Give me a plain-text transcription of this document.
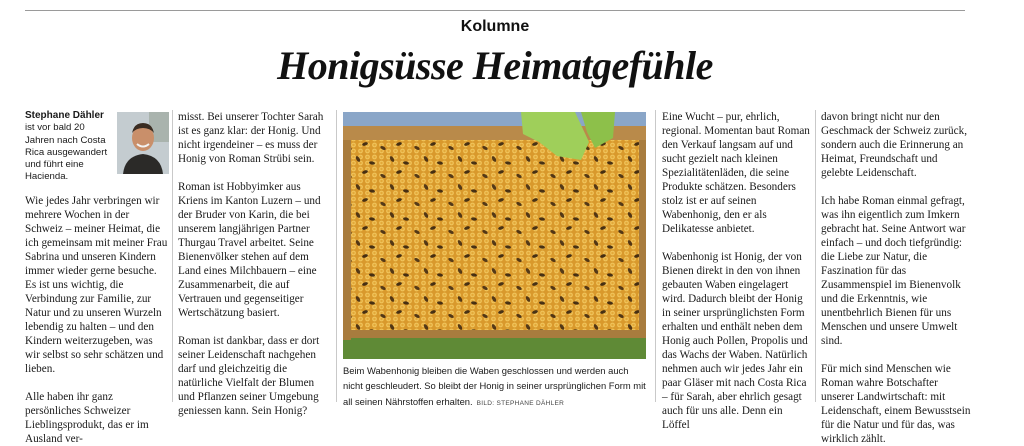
Kolumne
Honigsüsse Heimatgefühle
Stephane Dähler
ist vor bald 20 Jahren nach Costa Rica ausgewandert und führt eine Hacienda.

Wie jedes Jahr verbringen wir mehrere Wochen in der Schweiz – meiner Heimat, die ich gemeinsam mit meiner Frau Sabrina und unseren Kindern immer wieder gerne besuche. Es ist uns wichtig, die Verbindung zur Familie, zur Natur und zu unseren Wurzeln lebendig zu halten – und den Kindern weiterzugeben, was wir selbst so sehr schätzen und lieben.

Alle haben ihr ganz persönliches Schweizer Lieblingsprodukt, das er im Ausland ver-

misst. Bei unserer Tochter Sarah ist es ganz klar: der Honig. Und nicht irgendeiner – es muss der Honig von Roman Strübi sein.

Roman ist Hobbyimker aus Kriens im Kanton Luzern – und der Bruder von Karin, die bei unserem langjährigen Partner Thurgau Travel arbeitet. Seine Bienenvölker stehen auf dem Land eines Milchbauern – eine Zusammenarbeit, die auf Vertrauen und gegenseitiger Wertschätzung basiert.

Roman ist dankbar, dass er dort seiner Leidenschaft nachgehen darf und gleichzeitig die natürliche Vielfalt der Blumen und Pflanzen seiner Umgebung geniessen kann. Sein Honig?

Beim Wabenhonig bleiben die Waben geschlossen und werden auch nicht geschleudert. So bleibt der Honig in seiner ursprünglichen Form mit all seinen Nährstoffen erhalten. BILD: STEPHANE DÄHLER

Eine Wucht – pur, ehrlich, regional. Momentan baut Roman den Verkauf langsam auf und sucht gezielt nach kleinen Spezialitätenläden, die seine Produkte schätzen. Besonders stolz ist er auf seinen Wabenhonig, den er als Delikatesse anbietet.

Wabenhonig ist Honig, der von Bienen direkt in den von ihnen gebauten Waben eingelagert wird. Dadurch bleibt der Honig in seiner ursprünglichsten Form erhalten und enthält neben dem Honig auch Pollen, Propolis und das Wachs der Waben. Natürlich nehmen auch wir jedes Jahr ein paar Gläser mit nach Costa Rica – für Sarah, aber ehrlich gesagt auch für uns alle. Denn ein Löffel

davon bringt nicht nur den Geschmack der Schweiz zurück, sondern auch die Erinnerung an Heimat, Freundschaft und gelebte Leidenschaft.

Ich habe Roman einmal gefragt, was ihn eigentlich zum Imkern gebracht hat. Seine Antwort war einfach – und doch tiefgründig: die Liebe zur Natur, die Faszination für das Zusammenspiel im Bienenvolk und die Erkenntnis, wie unentbehrlich Bienen für uns Menschen und unsere Umwelt sind.

Für mich sind Menschen wie Roman wahre Botschafter unserer Landwirtschaft: mit Leidenschaft, einem Bewusstsein für die Natur und für das, was wirklich zählt.
